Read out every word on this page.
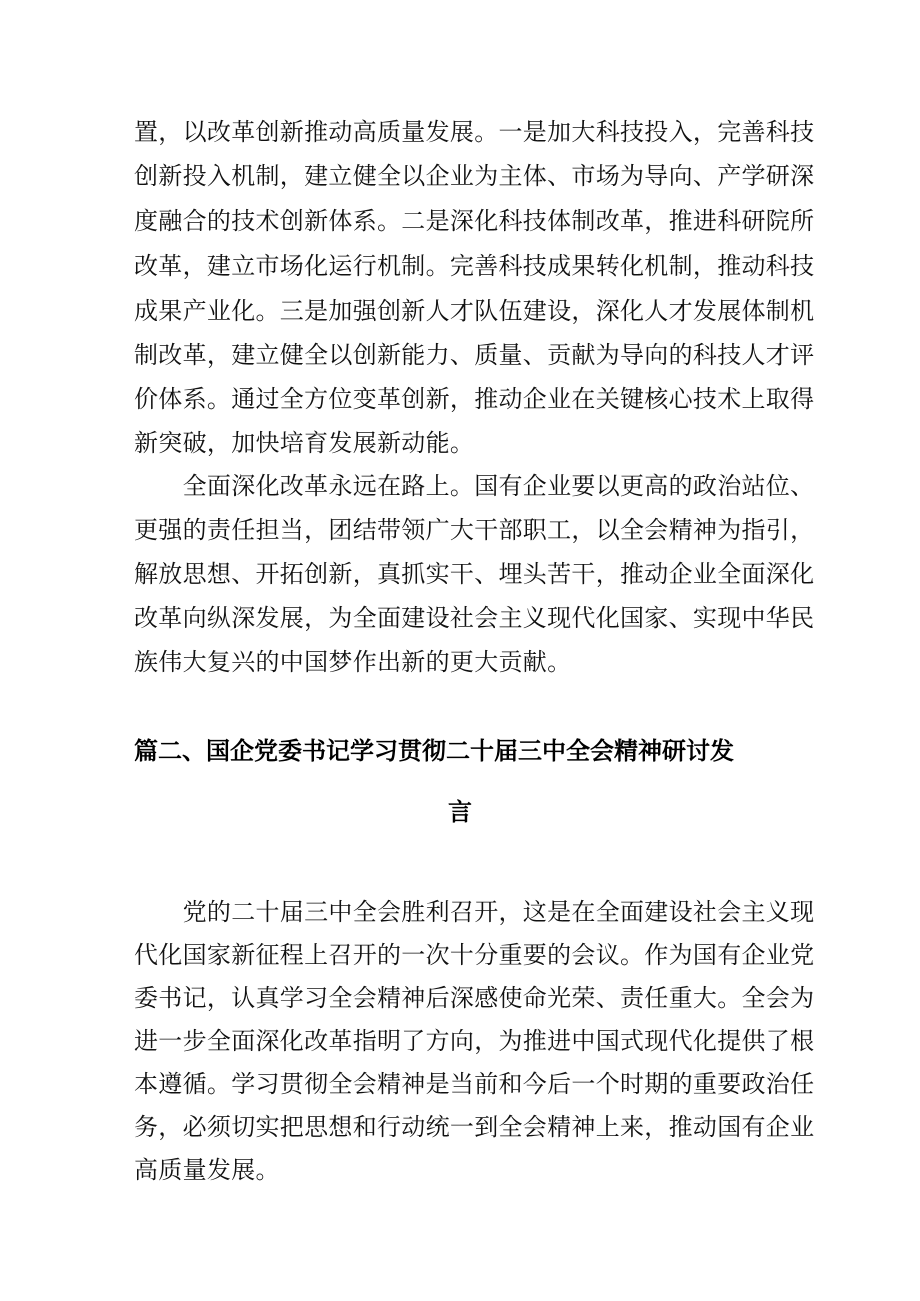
置，以改革创新推动高质量发展。一是加大科技投入，完善科技
创新投入机制，建立健全以企业为主体、市场为导向、产学研深
度融合的技术创新体系。二是深化科技体制改革，推进科研院所
改革，建立市场化运行机制。完善科技成果转化机制，推动科技
成果产业化。三是加强创新人才队伍建设，深化人才发展体制机
制改革，建立健全以创新能力、质量、贡献为导向的科技人才评
价体系。通过全方位变革创新，推动企业在关键核心技术上取得
新突破，加快培育发展新动能。
　　全面深化改革永远在路上。国有企业要以更高的政治站位、
更强的责任担当，团结带领广大干部职工，以全会精神为指引，
解放思想、开拓创新，真抓实干、埋头苦干，推动企业全面深化
改革向纵深发展，为全面建设社会主义现代化国家、实现中华民
族伟大复兴的中国梦作出新的更大贡献。
篇二、国企党委书记学习贯彻二十届三中全会精神研讨发
言
　　党的二十届三中全会胜利召开，这是在全面建设社会主义现
代化国家新征程上召开的一次十分重要的会议。作为国有企业党
委书记，认真学习全会精神后深感使命光荣、责任重大。全会为
进一步全面深化改革指明了方向，为推进中国式现代化提供了根
本遵循。学习贯彻全会精神是当前和今后一个时期的重要政治任
务，必须切实把思想和行动统一到全会精神上来，推动国有企业
高质量发展。
